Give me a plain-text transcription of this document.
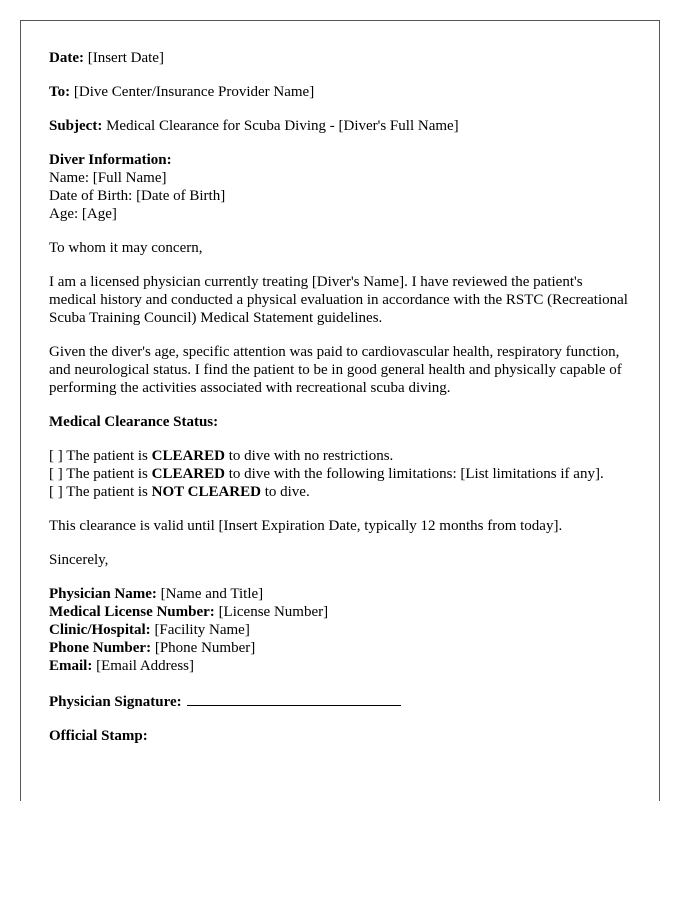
Date: [Insert Date]
To: [Dive Center/Insurance Provider Name]
Subject: Medical Clearance for Scuba Diving - [Diver's Full Name]
Diver Information:
Name: [Full Name]
Date of Birth: [Date of Birth]
Age: [Age]
To whom it may concern,
I am a licensed physician currently treating [Diver's Name]. I have reviewed the patient's medical history and conducted a physical evaluation in accordance with the RSTC (Recreational Scuba Training Council) Medical Statement guidelines.
Given the diver's age, specific attention was paid to cardiovascular health, respiratory function, and neurological status. I find the patient to be in good general health and physically capable of performing the activities associated with recreational scuba diving.
Medical Clearance Status:
[ ] The patient is CLEARED to dive with no restrictions.
[ ] The patient is CLEARED to dive with the following limitations: [List limitations if any].
[ ] The patient is NOT CLEARED to dive.
This clearance is valid until [Insert Expiration Date, typically 12 months from today].
Sincerely,
Physician Name: [Name and Title]
Medical License Number: [License Number]
Clinic/Hospital: [Facility Name]
Phone Number: [Phone Number]
Email: [Email Address]
Physician Signature:
Official Stamp:
